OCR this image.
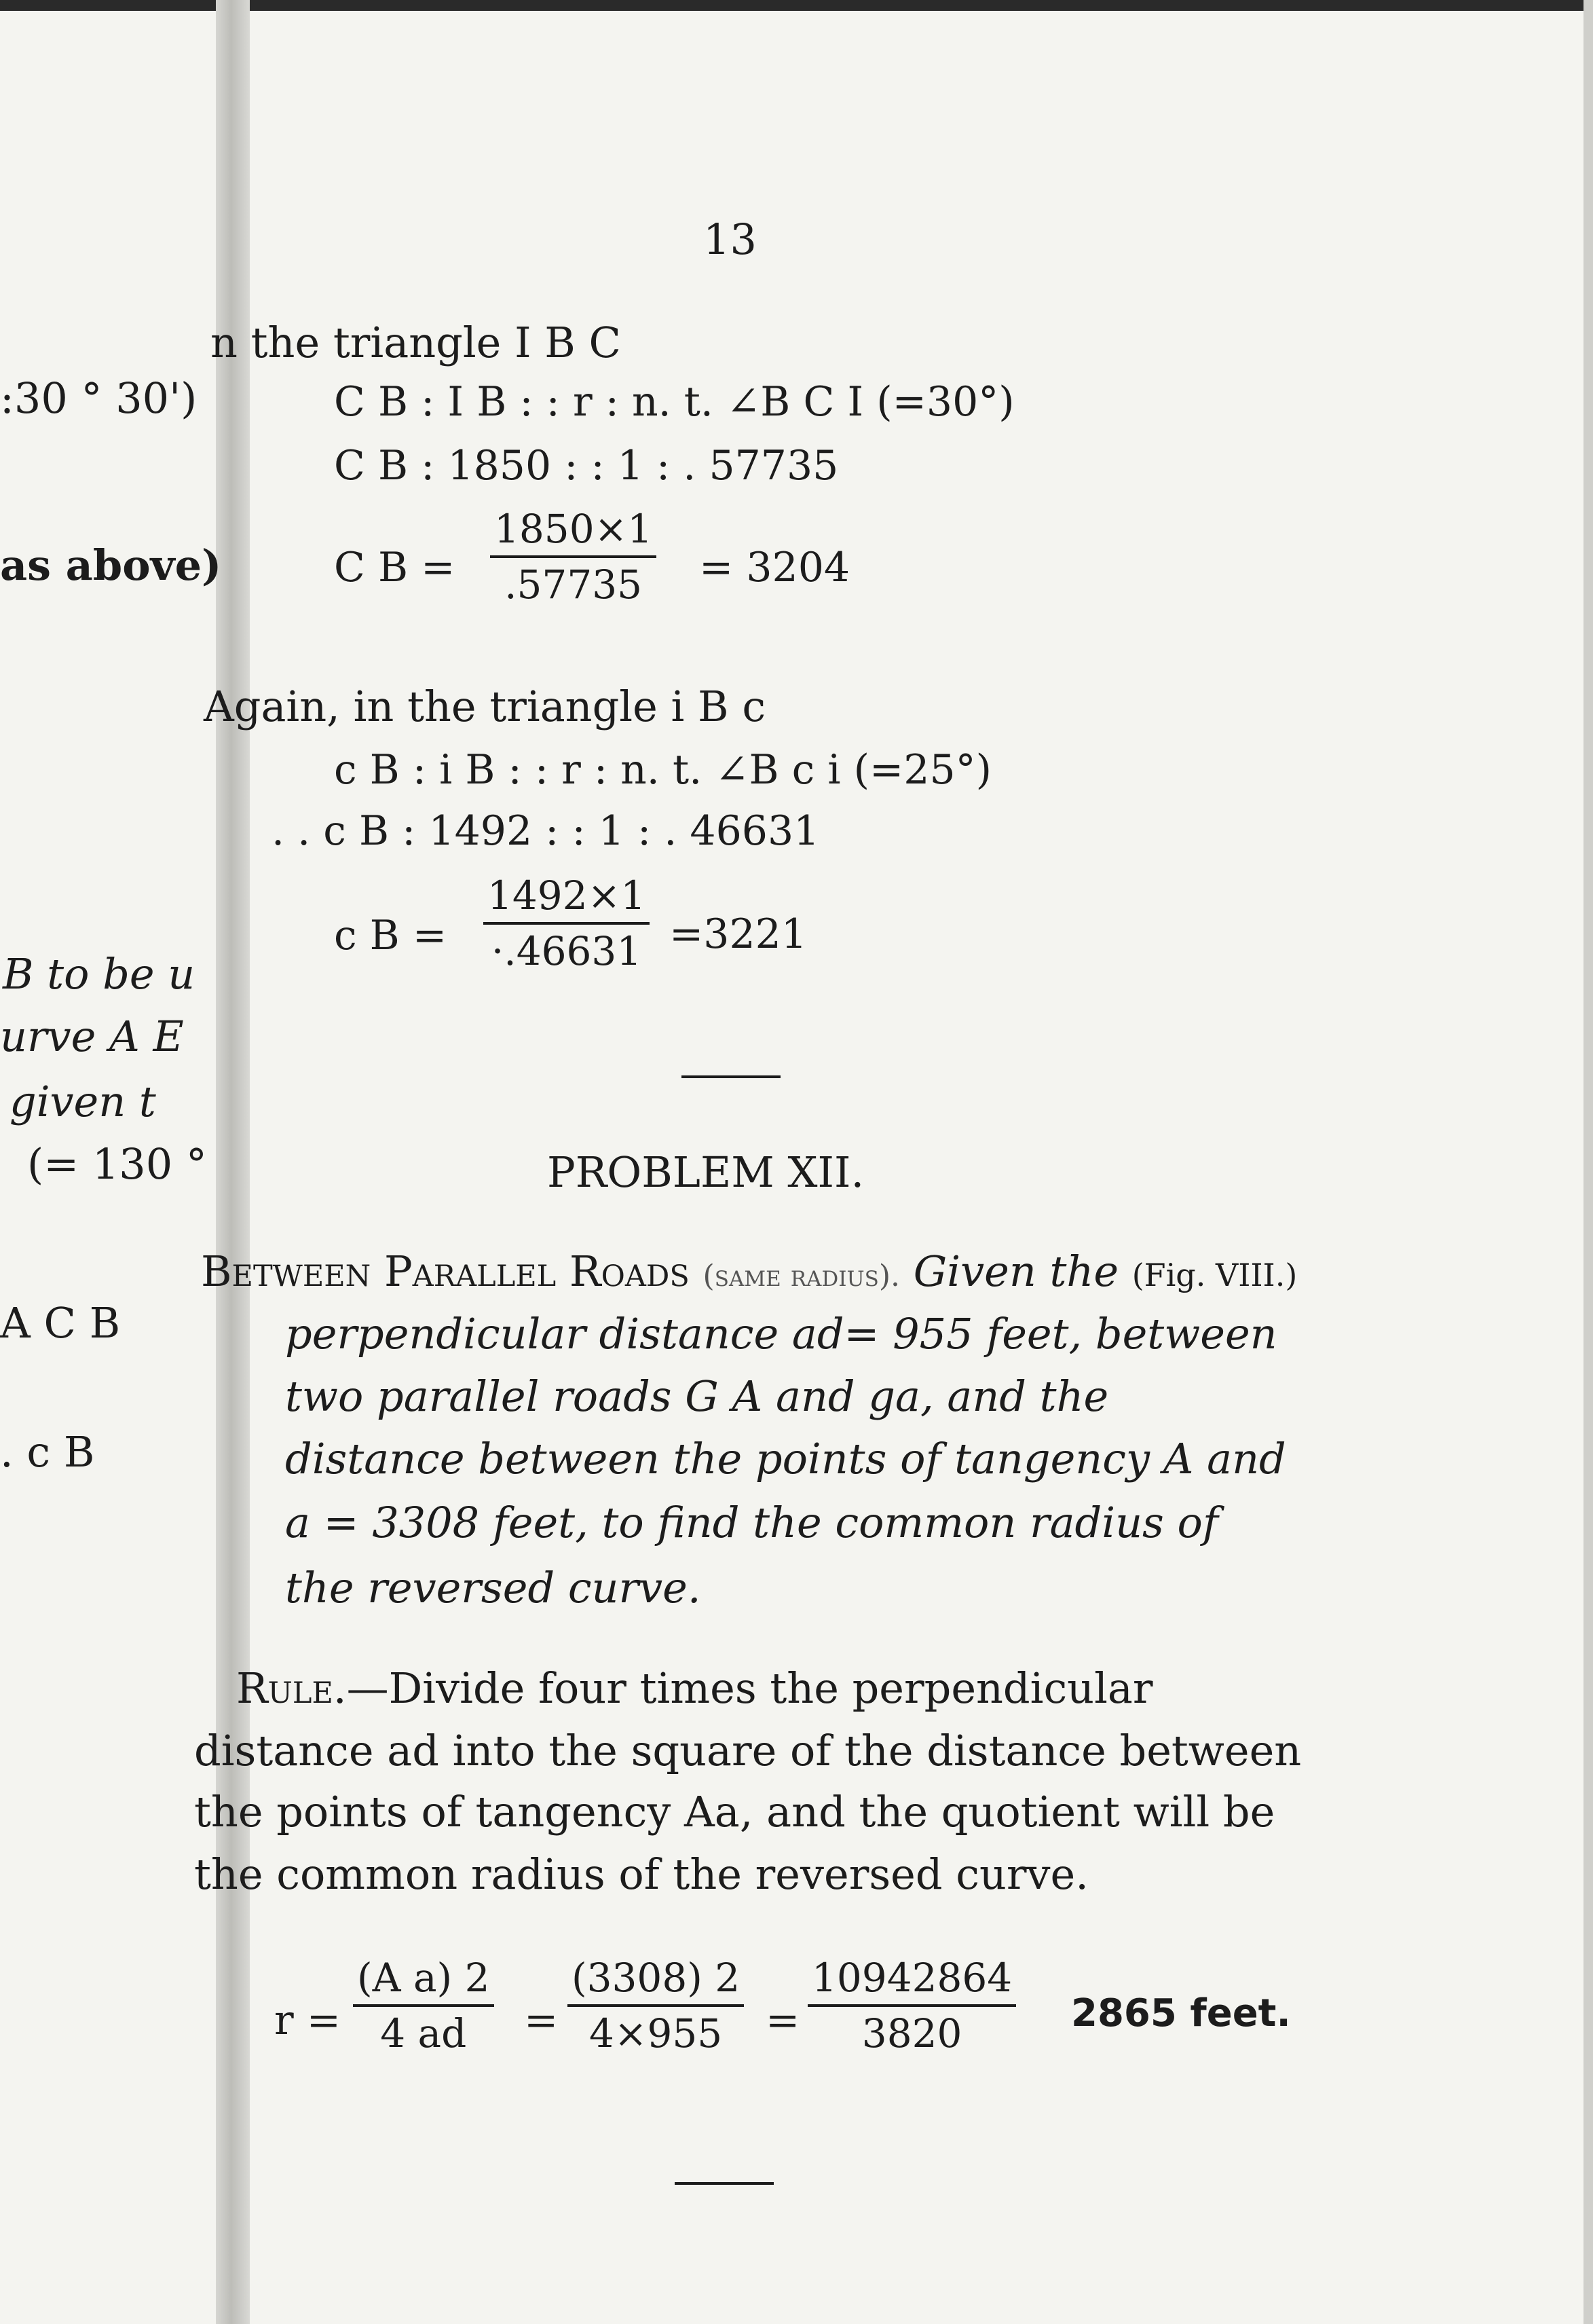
13
:30 ° 30')
as above)
B to be u
urve A E
given t
(= 130 °
A C B
. c B
n the triangle I B C
C B : I B : : r : n. t. ∠B C I (=30°)
C B : 1850 : : 1 : . 57735
C $B = \frac{1850\times 1}{.57735} = 3204$
Again, in the triangle i B c
c B : i B : : r : n. t. ∠B c i (=25°)
. . c B : 1492 : : 1 : . 46631
c $B = \frac{1492\times 1}{\cdot.46631} =3221$
PROBLEM XII.
Between Parallel Roads (same radius). Given the (Fig. VIII.)
perpendicular distance ad= 955 feet, between
two parallel roads G A and ga, and the
distance between the points of tangency A and
a = 3308 feet, to find the common radius of
the reversed curve.
Rule.—Divide four times the perpendicular
distance ad into the square of the distance between
the points of tangency Aa, and the quotient will be
the common radius of the reversed curve.
$r = \frac{\text{(A a) 2}}{4 ad} = \frac{(3308) 2}{4\times 955} = \frac{10942864}{3820} 2865$ feet.
